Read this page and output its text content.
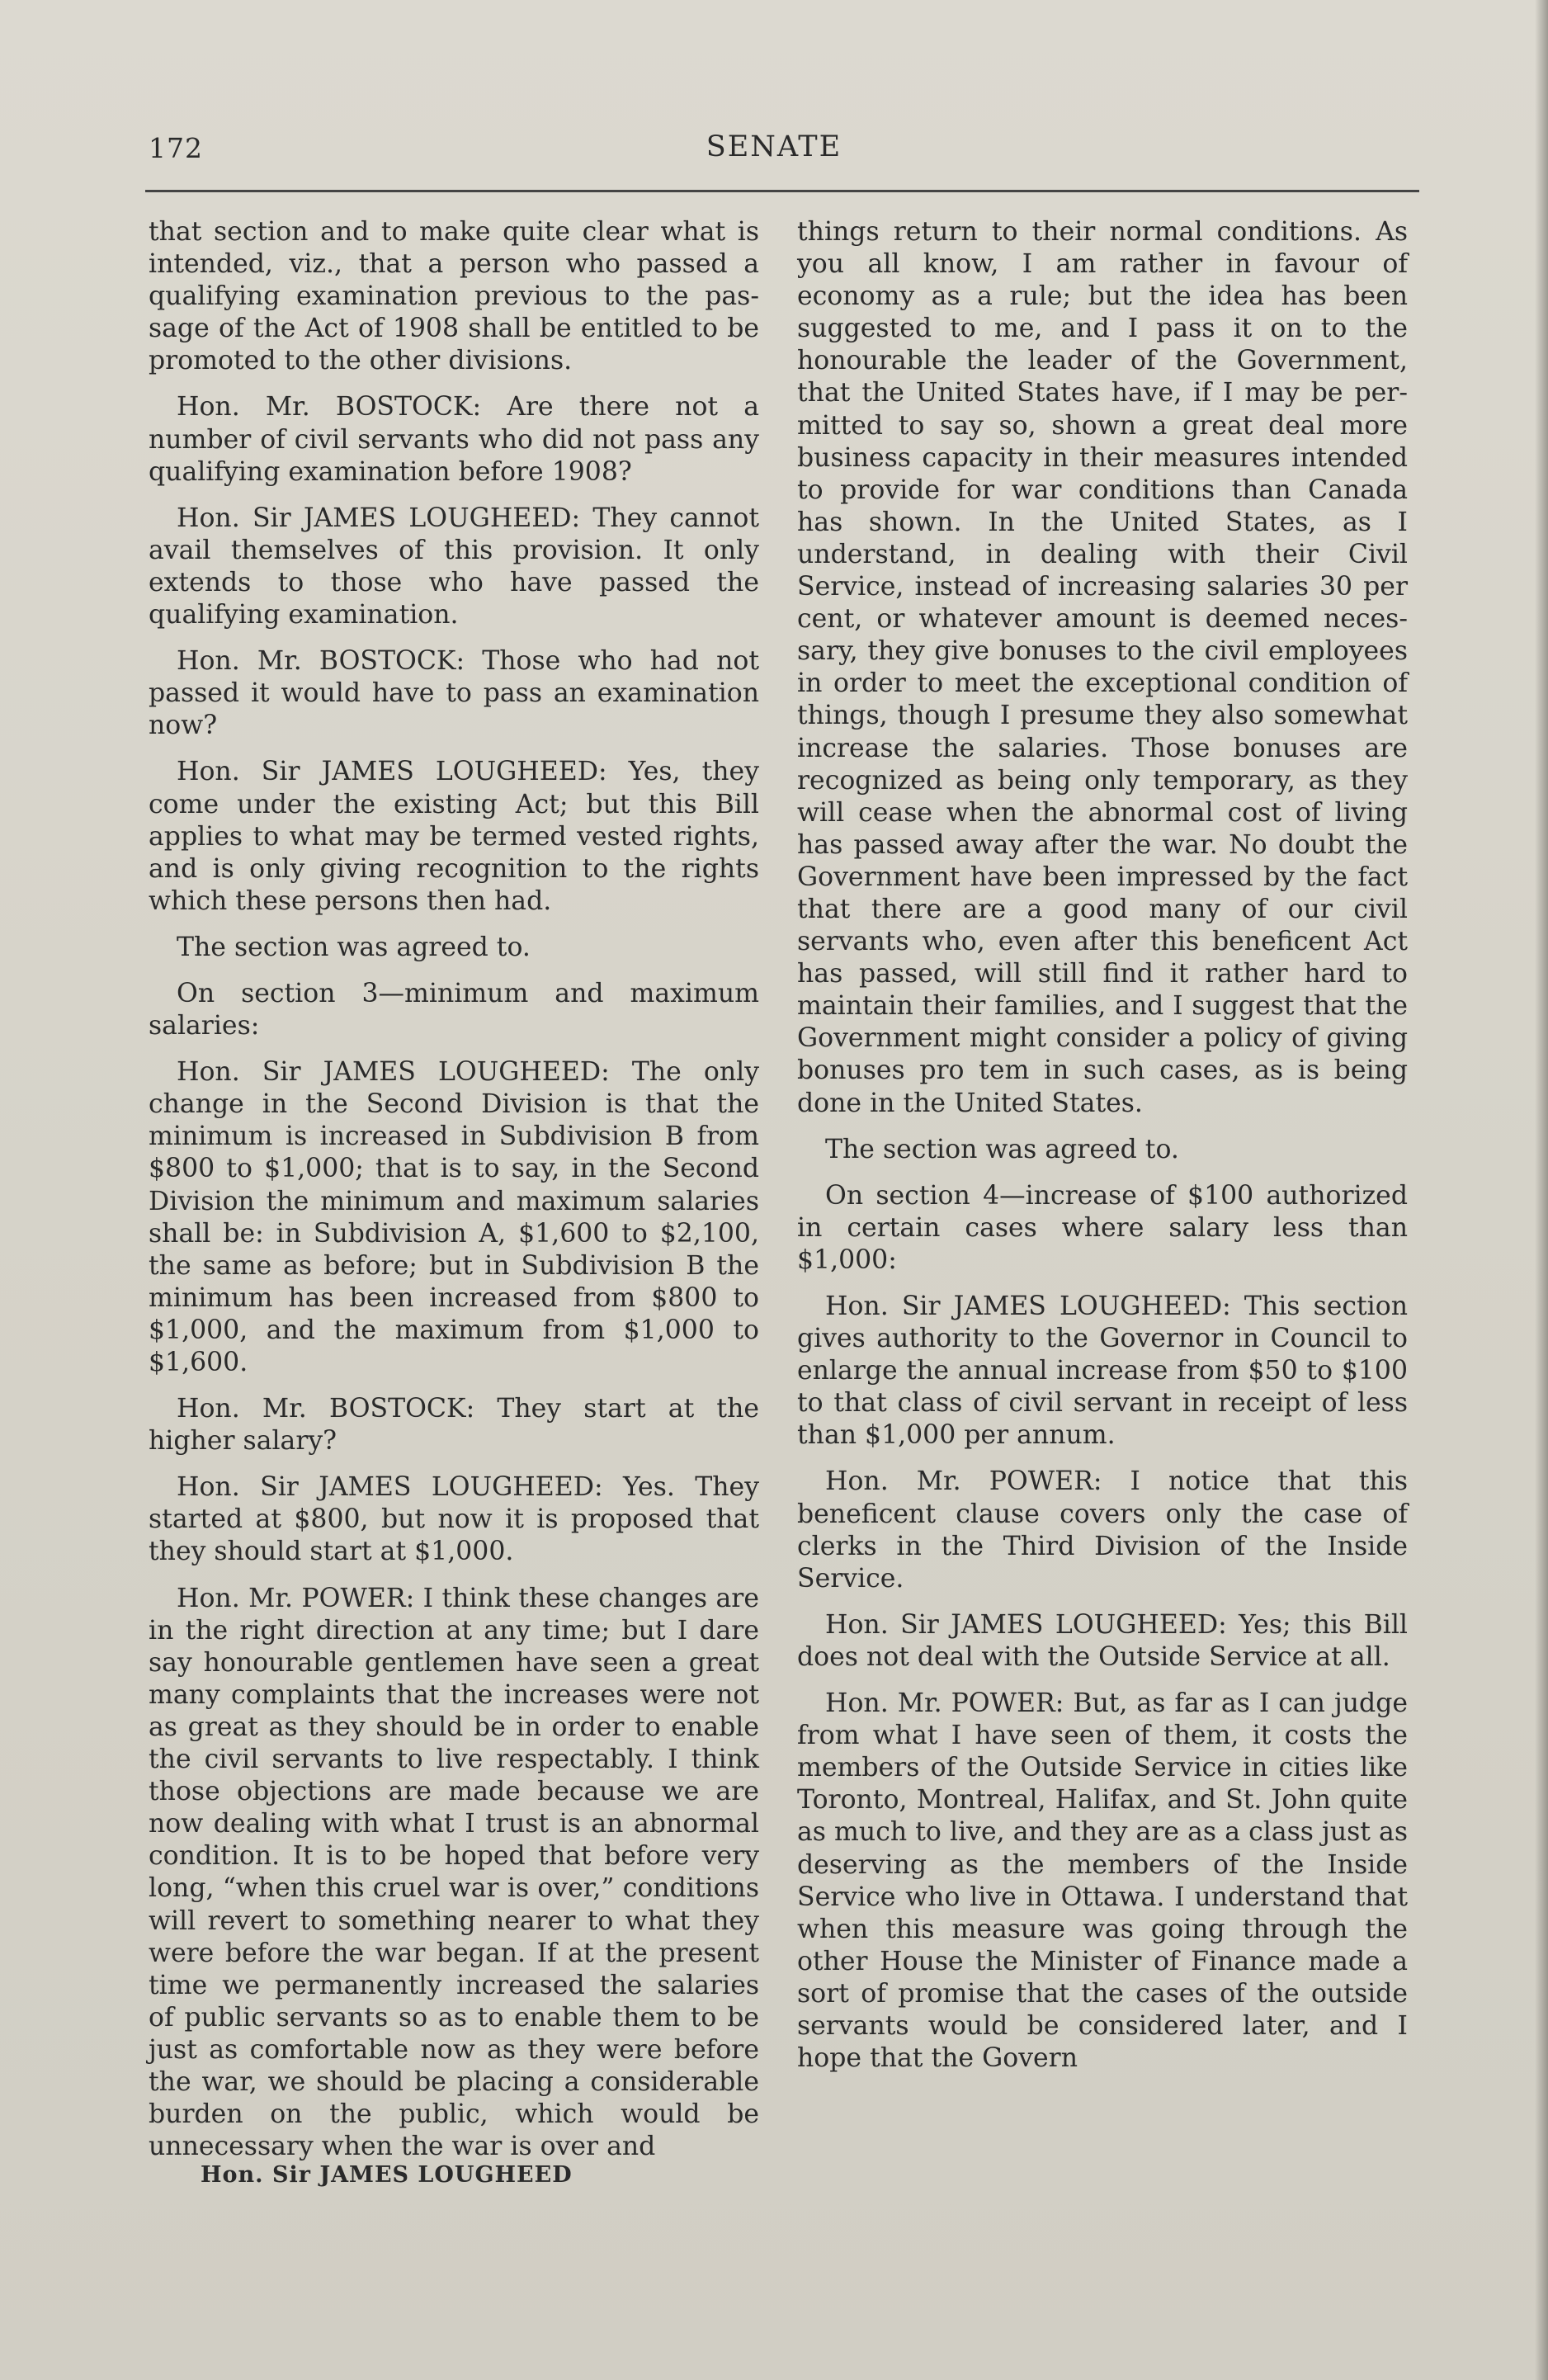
172	SENATE

that section and to make quite clear what is intended, viz., that a person who passed a qualifying examination previous to the passage of the Act of 1908 shall be entitled to be promoted to the other divisions.

Hon. Mr. BOSTOCK: Are there not a number of civil servants who did not pass any qualifying examination before 1908?

Hon. Sir JAMES LOUGHEED: They cannot avail themselves of this provision. It only extends to those who have passed the qualifying examination.

Hon. Mr. BOSTOCK: Those who had not passed it would have to pass an examination now?

Hon. Sir JAMES LOUGHEED: Yes, they come under the existing Act; but this Bill applies to what may be termed vested rights, and is only giving recognition to the rights which these persons then had.

The section was agreed to.

On section 3—minimum and maximum salaries:

Hon. Sir JAMES LOUGHEED: The only change in the Second Division is that the minimum is increased in Subdivision B from $800 to $1,000; that is to say, in the Second Division the minimum and maximum salaries shall be: in Subdivision A, $1,600 to $2,100, the same as before; but in Subdivision B the minimum has been increased from $800 to $1,000, and the maximum from $1,000 to $1,600.

Hon. Mr. BOSTOCK: They start at the higher salary?

Hon. Sir JAMES LOUGHEED: Yes. They started at $800, but now it is proposed that they should start at $1,000.

Hon. Mr. POWER: I think these changes are in the right direction at any time; but I dare say honourable gentlemen have seen a great many complaints that the increases were not as great as they should be in order to enable the civil servants to live respectably. I think those objections are made because we are now dealing with what I trust is an abnormal condition. It is to be hoped that before very long, “when this cruel war is over,” conditions will revert to something nearer to what they were before the war began. If at the present time we permanently increased the salaries of public servants so as to enable them to be just as comfortable now as they were before the war, we should be placing a considerable burden on the public, which would be unnecessary when the war is over and

things return to their normal conditions. As you all know, I am rather in favour of economy as a rule; but the idea has been suggested to me, and I pass it on to the honourable the leader of the Government, that the United States have, if I may be permitted to say so, shown a great deal more business capacity in their measures intended to provide for war conditions than Canada has shown. In the United States, as I understand, in dealing with their Civil Service, instead of increasing salaries 30 per cent, or whatever amount is deemed necessary, they give bonuses to the civil employees in order to meet the exceptional condition of things, though I presume they also somewhat increase the salaries. Those bonuses are recognized as being only temporary, as they will cease when the abnormal cost of living has passed away after the war. No doubt the Government have been impressed by the fact that there are a good many of our civil servants who, even after this beneficent Act has passed, will still find it rather hard to maintain their families, and I suggest that the Government might consider a policy of giving bonuses pro tem in such cases, as is being done in the United States.

The section was agreed to.

On section 4—increase of $100 authorized in certain cases where salary less than $1,000:

Hon. Sir JAMES LOUGHEED: This section gives authority to the Governor in Council to enlarge the annual increase from $50 to $100 to that class of civil servant in receipt of less than $1,000 per annum.

Hon. Mr. POWER: I notice that this beneficent clause covers only the case of clerks in the Third Division of the Inside Service.

Hon. Sir JAMES LOUGHEED: Yes; this Bill does not deal with the Outside Service at all.

Hon. Mr. POWER: But, as far as I can judge from what I have seen of them, it costs the members of the Outside Service in cities like Toronto, Montreal, Halifax, and St. John quite as much to live, and they are as a class just as deserving as the members of the Inside Service who live in Ottawa. I understand that when this measure was going through the other House the Minister of Finance made a sort of promise that the cases of the outside servants would be considered later, and I hope that the Govern

Hon. Sir JAMES LOUGHEED
